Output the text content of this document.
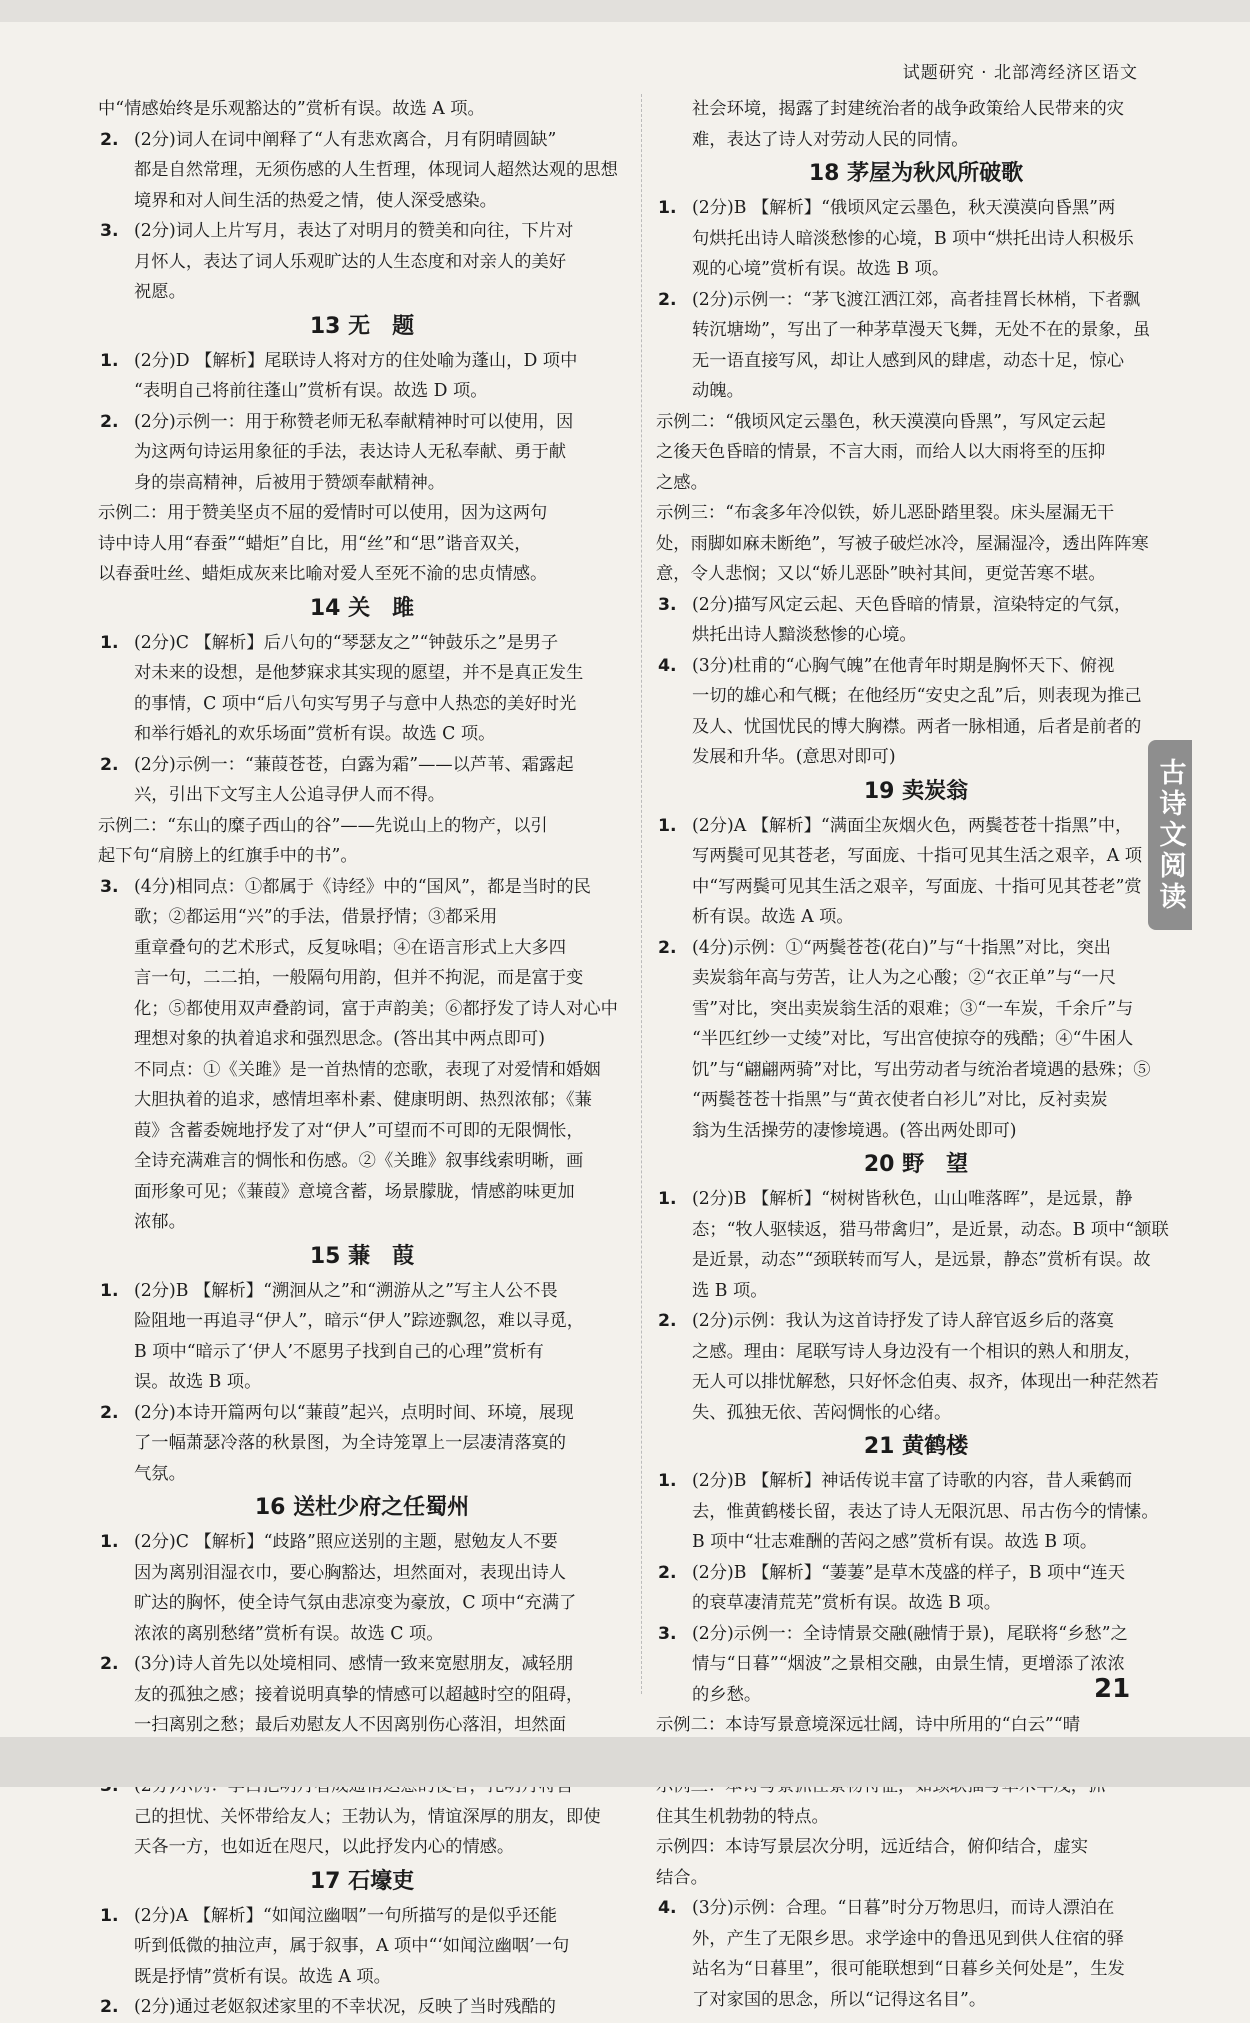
试题研究 · 北部湾经济区语文

中“情感始终是乐观豁达的”赏析有误。故选 A 项。

2. (2分)词人在词中阐释了“人有悲欢离合，月有阴晴圆缺”

都是自然常理，无须伤感的人生哲理，体现词人超然达观的思想

境界和对人间生活的热爱之情，使人深受感染。

3. (2分)词人上片写月，表达了对明月的赞美和向往，下片对

月怀人，表达了词人乐观旷达的人生态度和对亲人的美好

祝愿。

13 无　题

1. (2分)D 【解析】尾联诗人将对方的住处喻为蓬山，D 项中

“表明自己将前往蓬山”赏析有误。故选 D 项。

2. (2分)示例一：用于称赞老师无私奉献精神时可以使用，因

为这两句诗运用象征的手法，表达诗人无私奉献、勇于献

身的崇高精神，后被用于赞颂奉献精神。

示例二：用于赞美坚贞不屈的爱情时可以使用，因为这两句

诗中诗人用“春蚕”“蜡炬”自比，用“丝”和“思”谐音双关，

以春蚕吐丝、蜡炬成灰来比喻对爱人至死不渝的忠贞情感。

14 关　雎

1. (2分)C 【解析】后八句的“琴瑟友之”“钟鼓乐之”是男子

对未来的设想，是他梦寐求其实现的愿望，并不是真正发生

的事情，C 项中“后八句实写男子与意中人热恋的美好时光

和举行婚礼的欢乐场面”赏析有误。故选 C 项。

2. (2分)示例一：“蒹葭苍苍，白露为霜”——以芦苇、霜露起

兴，引出下文写主人公追寻伊人而不得。

示例二：“东山的糜子西山的谷”——先说山上的物产，以引

起下句“肩膀上的红旗手中的书”。

3. (4分)相同点：①都属于《诗经》中的“国风”，都是当时的民

歌；②都运用“兴”的手法，借景抒情；③都采用

重章叠句的艺术形式，反复咏唱；④在语言形式上大多四

言一句，二二拍，一般隔句用韵，但并不拘泥，而是富于变

化；⑤都使用双声叠韵词，富于声韵美；⑥都抒发了诗人对心中

理想对象的执着追求和强烈思念。(答出其中两点即可)

不同点：①《关雎》是一首热情的恋歌，表现了对爱情和婚姻

大胆执着的追求，感情坦率朴素、健康明朗、热烈浓郁；《蒹

葭》含蓄委婉地抒发了对“伊人”可望而不可即的无限惆怅，

全诗充满难言的惆怅和伤感。②《关雎》叙事线索明晰，画

面形象可见；《蒹葭》意境含蓄，场景朦胧，情感韵味更加

浓郁。

15 蒹　葭

1. (2分)B 【解析】“溯洄从之”和“溯游从之”写主人公不畏

险阻地一再追寻“伊人”，暗示“伊人”踪迹飘忽，难以寻觅，

B 项中“暗示了‘伊人’不愿男子找到自己的心理”赏析有

误。故选 B 项。

2. (2分)本诗开篇两句以“蒹葭”起兴，点明时间、环境，展现

了一幅萧瑟冷落的秋景图，为全诗笼罩上一层凄清落寞的

气氛。

16 送杜少府之任蜀州

1. (2分)C 【解析】“歧路”照应送别的主题，慰勉友人不要

因为离别泪湿衣巾，要心胸豁达，坦然面对，表现出诗人

旷达的胸怀，使全诗气氛由悲凉变为豪放，C 项中“充满了

浓浓的离别愁绪”赏析有误。故选 C 项。

2. (3分)诗人首先以处境相同、感情一致来宽慰朋友，减轻朋

友的孤独之感；接着说明真挚的情感可以超越时空的阻碍，

一扫离别之愁；最后劝慰友人不因离别伤心落泪，坦然面

己的担忧、关怀带给友人；王勃认为，情谊深厚的朋友，即使

天各一方，也如近在咫尺，以此抒发内心的情感。

17 石壕吏

1. (2分)A 【解析】“如闻泣幽咽”一句所描写的是似乎还能

听到低微的抽泣声，属于叙事，A 项中“‘如闻泣幽咽’一句

既是抒情”赏析有误。故选 A 项。

2. (2分)通过老妪叙述家里的不幸状况，反映了当时残酷的

社会环境，揭露了封建统治者的战争政策给人民带来的灾

难，表达了诗人对劳动人民的同情。

18 茅屋为秋风所破歌

1. (2分)B 【解析】“俄顷风定云墨色，秋天漠漠向昏黑”两

句烘托出诗人暗淡愁惨的心境，B 项中“烘托出诗人积极乐

观的心境”赏析有误。故选 B 项。

2. (2分)示例一：“茅飞渡江洒江郊，高者挂罥长林梢，下者飘

转沉塘坳”，写出了一种茅草漫天飞舞，无处不在的景象，虽

无一语直接写风，却让人感到风的肆虐，动态十足，惊心

动魄。

示例二：“俄顷风定云墨色，秋天漠漠向昏黑”，写风定云起

之後天色昏暗的情景，不言大雨，而给人以大雨将至的压抑

之感。

示例三：“布衾多年冷似铁，娇儿恶卧踏里裂。床头屋漏无干

处，雨脚如麻未断绝”，写被子破烂冰冷，屋漏湿冷，透出阵阵寒

意，令人悲悯；又以“娇儿恶卧”映衬其间，更觉苦寒不堪。

3. (2分)描写风定云起、天色昏暗的情景，渲染特定的气氛，

烘托出诗人黯淡愁惨的心境。

4. (3分)杜甫的“心胸气魄”在他青年时期是胸怀天下、俯视

一切的雄心和气概；在他经历“安史之乱”后，则表现为推己

及人、忧国忧民的博大胸襟。两者一脉相通，后者是前者的

发展和升华。(意思对即可)

19 卖炭翁

1. (2分)A 【解析】“满面尘灰烟火色，两鬓苍苍十指黑”中，

写两鬓可见其苍老，写面庞、十指可见其生活之艰辛，A 项

中“写两鬓可见其生活之艰辛，写面庞、十指可见其苍老”赏

析有误。故选 A 项。

2. (4分)示例：①“两鬓苍苍(花白)”与“十指黑”对比，突出

卖炭翁年高与劳苦，让人为之心酸；②“衣正单”与“一尺

雪”对比，突出卖炭翁生活的艰难；③“一车炭，千余斤”与

“半匹红纱一丈绫”对比，写出宫使掠夺的残酷；④“牛困人

饥”与“翩翩两骑”对比，写出劳动者与统治者境遇的悬殊；⑤

“两鬓苍苍十指黑”与“黄衣使者白衫儿”对比，反衬卖炭

翁为生活操劳的凄惨境遇。(答出两处即可)

20 野　望

1. (2分)B 【解析】“树树皆秋色，山山唯落晖”，是远景，静

态；“牧人驱犊返，猎马带禽归”，是近景，动态。B 项中“颔联

是近景，动态”“颈联转而写人，是远景，静态”赏析有误。故

选 B 项。

2. (2分)示例：我认为这首诗抒发了诗人辞官返乡后的落寞

之感。理由：尾联写诗人身边没有一个相识的熟人和朋友，

无人可以排忧解愁，只好怀念伯夷、叔齐，体现出一种茫然若

失、孤独无依、苦闷惆怅的心绪。

21 黄鹤楼

1. (2分)B 【解析】神话传说丰富了诗歌的内容，昔人乘鹤而

去，惟黄鹤楼长留，表达了诗人无限沉思、吊古伤今的情愫。

B 项中“壮志难酬的苦闷之感”赏析有误。故选 B 项。

2. (2分)B 【解析】“萋萋”是草木茂盛的样子，B 项中“连天

的衰草凄清荒芜”赏析有误。故选 B 项。

3. (2分)示例一：全诗情景交融(融情于景)，尾联将“乡愁”之

情与“日暮”“烟波”之景相交融，由景生情，更增添了浓浓

的乡愁。

示例二：本诗写景意境深远壮阔，诗中所用的“白云”“晴

住其生机勃勃的特点。

示例四：本诗写景层次分明，远近结合，俯仰结合，虚实

结合。

4. (3分)示例：合理。“日暮”时分万物思归，而诗人漂泊在

外，产生了无限乡思。求学途中的鲁迅见到供人住宿的驿

站名为“日暮里”，很可能联想到“日暮乡关何处是”，生发

了对家国的思念，所以“记得这名目”。

古诗文阅读
21
